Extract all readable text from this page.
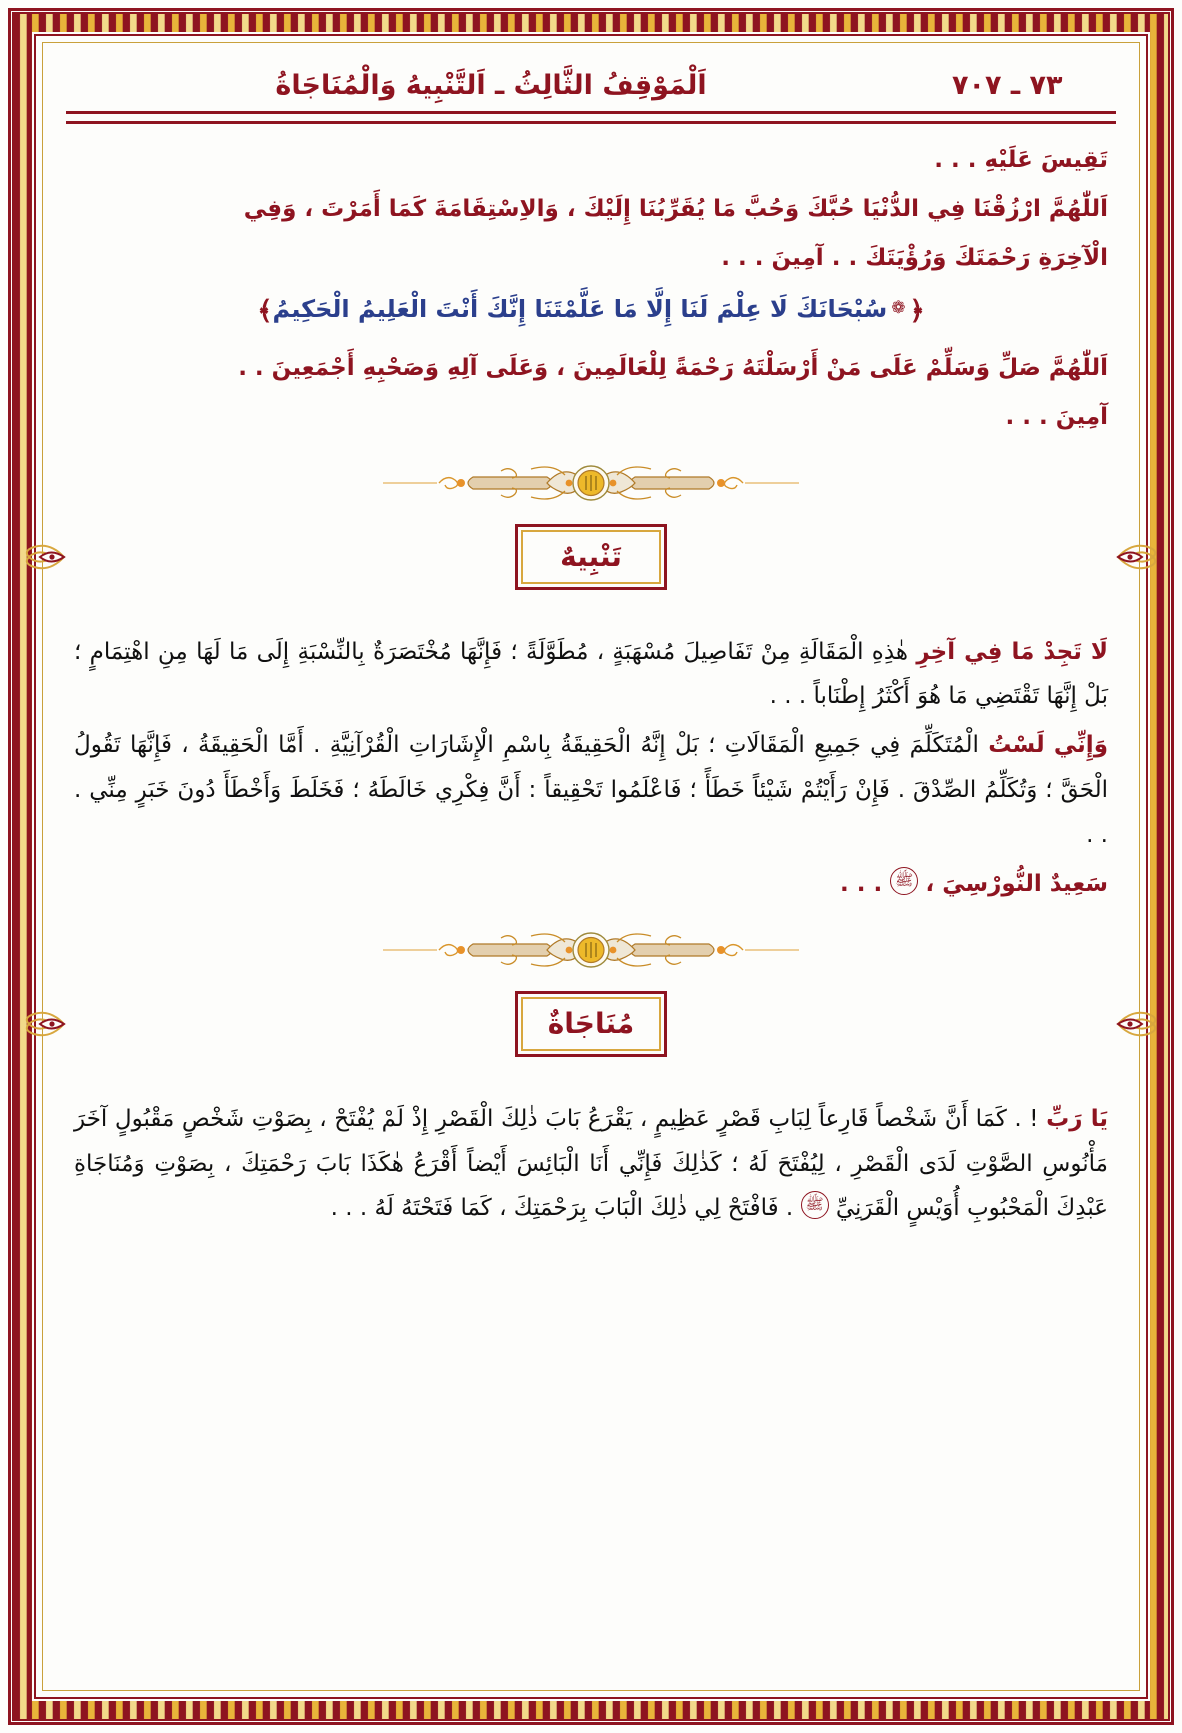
٧٣ ـ ٧٠٧
اَلْمَوْقِفُ الثَّالِثُ ـ اَلتَّنْبِيهُ وَالْمُنَاجَاةُ

تَقِيسَ عَلَيْهِ . . .

اَللّٰهُمَّ ارْزُقْنَا فِي الدُّنْيَا حُبَّكَ وَحُبَّ مَا يُقَرِّبُنَا إِلَيْكَ ، وَالاِسْتِقَامَةَ كَمَا أَمَرْتَ ، وَفِي

الْآخِرَةِ رَحْمَتَكَ وَرُؤْيَتَكَ . . آمِينَ . . .

﴿❁سُبْحَانَكَ لَا عِلْمَ لَنَا إِلَّا مَا عَلَّمْتَنَا إِنَّكَ أَنْتَ الْعَلِيمُ الْحَكِيمُ﴾

اَللّٰهُمَّ صَلِّ وَسَلِّمْ عَلَى مَنْ أَرْسَلْتَهُ رَحْمَةً لِلْعَالَمِينَ ، وَعَلَى آلِهِ وَصَحْبِهِ أَجْمَعِينَ . .

آمِينَ . . .

تَنْبِيهٌ

لَا تَجِدْ مَا فِي آخِرِ هٰذِهِ الْمَقَالَةِ مِنْ تَفَاصِيلَ مُسْهَبَةٍ ، مُطَوَّلَةً ؛ فَإِنَّهَا مُخْتَصَرَةٌ بِالنِّسْبَةِ إِلَى مَا لَهَا مِنِ اهْتِمَامٍ ؛ بَلْ إِنَّهَا تَقْتَضِي مَا هُوَ أَكْثَرُ إِطْنَاباً . . .

وَإِنِّي لَسْتُ الْمُتَكَلِّمَ فِي جَمِيعِ الْمَقَالَاتِ ؛ بَلْ إِنَّهُ الْحَقِيقَةُ بِاسْمِ الْإِشَارَاتِ الْقُرْآنِيَّةِ . أَمَّا الْحَقِيقَةُ ، فَإِنَّهَا تَقُولُ الْحَقَّ ؛ وَتُكَلِّمُ الصِّدْقَ . فَإِنْ رَأَيْتُمْ شَيْئاً خَطَأً ؛ فَاعْلَمُوا تَحْقِيقاً : أَنَّ فِكْرِي خَالَطَهُ ؛ فَخَلَطَ وَأَخْطَأَ دُونَ خَبَرٍ مِنِّي . . .

سَعِيدٌ النُّورْسِيَ ، ﷺ . . .

مُنَاجَاةٌ

يَا رَبِّ ! . كَمَا أَنَّ شَخْصاً قَارِعاً لِبَابِ قَصْرٍ عَظِيمٍ ، يَقْرَعُ بَابَ ذٰلِكَ الْقَصْرِ إِذْ لَمْ يُفْتَحْ ، بِصَوْتِ شَخْصٍ مَقْبُولٍ آخَرَ مَأْنُوسِ الصَّوْتِ لَدَى الْقَصْرِ ، لِيُفْتَحَ لَهُ ؛ كَذٰلِكَ فَإِنِّي أَنَا الْبَائِسَ أَيْضاً أَقْرَعُ هٰكَذَا بَابَ رَحْمَتِكَ ، بِصَوْتِ وَمُنَاجَاةِ عَبْدِكَ الْمَحْبُوبِ أُوَيْسٍ الْقَرَنِيِّ ﷺ . فَافْتَحْ لِي ذٰلِكَ الْبَابَ بِرَحْمَتِكَ ، كَمَا فَتَحْتَهُ لَهُ . . .
